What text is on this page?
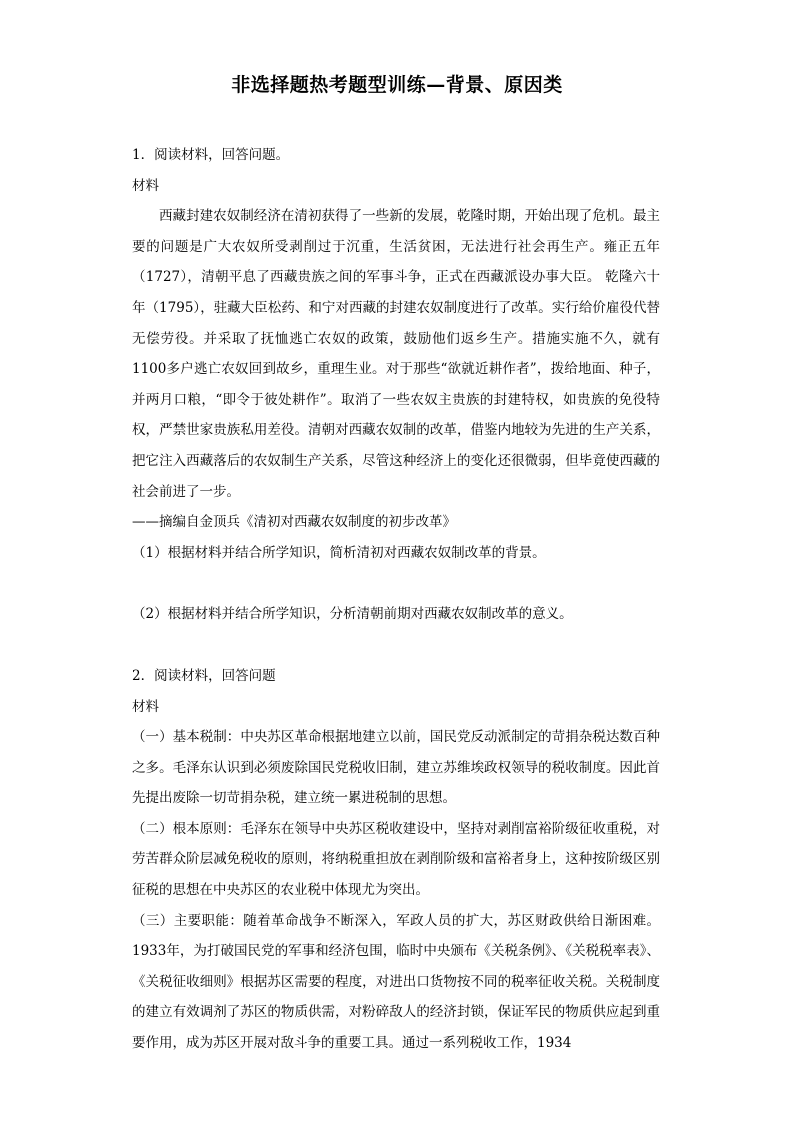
非选择题热考题型训练—背景、原因类

1．阅读材料，回答问题。

材料

西藏封建农奴制经济在清初获得了一些新的发展，乾隆时期，开始出现了危机。最主要的问题是广大农奴所受剥削过于沉重，生活贫困，无法进行社会再生产。雍正五年（1727），清朝平息了西藏贵族之间的军事斗争，正式在西藏派设办事大臣。 乾隆六十年（1795），驻藏大臣松药、和宁对西藏的封建农奴制度进行了改革。实行给价雇役代替无偿劳役。并采取了抚恤逃亡农奴的政策，鼓励他们返乡生产。措施实施不久，就有1100多户逃亡农奴回到故乡，重理生业。对于那些“欲就近耕作者”，拨给地面、种子，并两月口粮，“即令于彼处耕作”。取消了一些农奴主贵族的封建特权，如贵族的免役特权，严禁世家贵族私用差役。清朝对西藏农奴制的改革，借鉴内地较为先进的生产关系，把它注入西藏落后的农奴制生产关系，尽管这种经济上的变化还很微弱，但毕竟使西藏的社会前进了一步。

——摘编自金顶兵《清初对西藏农奴制度的初步改革》

（1）根据材料并结合所学知识，简析清初对西藏农奴制改革的背景。

（2）根据材料并结合所学知识，分析清朝前期对西藏农奴制改革的意义。

2．阅读材料，回答问题

材料

（一）基本税制：中央苏区革命根据地建立以前，国民党反动派制定的苛捐杂税达数百种之多。毛泽东认识到必须废除国民党税收旧制，建立苏维埃政权领导的税收制度。因此首先提出废除一切苛捐杂税，建立统一累进税制的思想。

（二）根本原则：毛泽东在领导中央苏区税收建设中，坚持对剥削富裕阶级征收重税，对劳苦群众阶层减免税收的原则，将纳税重担放在剥削阶级和富裕者身上，这种按阶级区别征税的思想在中央苏区的农业税中体现尤为突出。

（三）主要职能：随着革命战争不断深入，军政人员的扩大，苏区财政供给日渐困难。1933年，为打破国民党的军事和经济包围，临时中央颁布《关税条例》、《关税税率表》、《关税征收细则》根据苏区需要的程度，对进出口货物按不同的税率征收关税。关税制度的建立有效调剂了苏区的物质供需，对粉碎敌人的经济封锁，保证军民的物质供应起到重要作用，成为苏区开展对敌斗争的重要工具。通过一系列税收工作，1934
